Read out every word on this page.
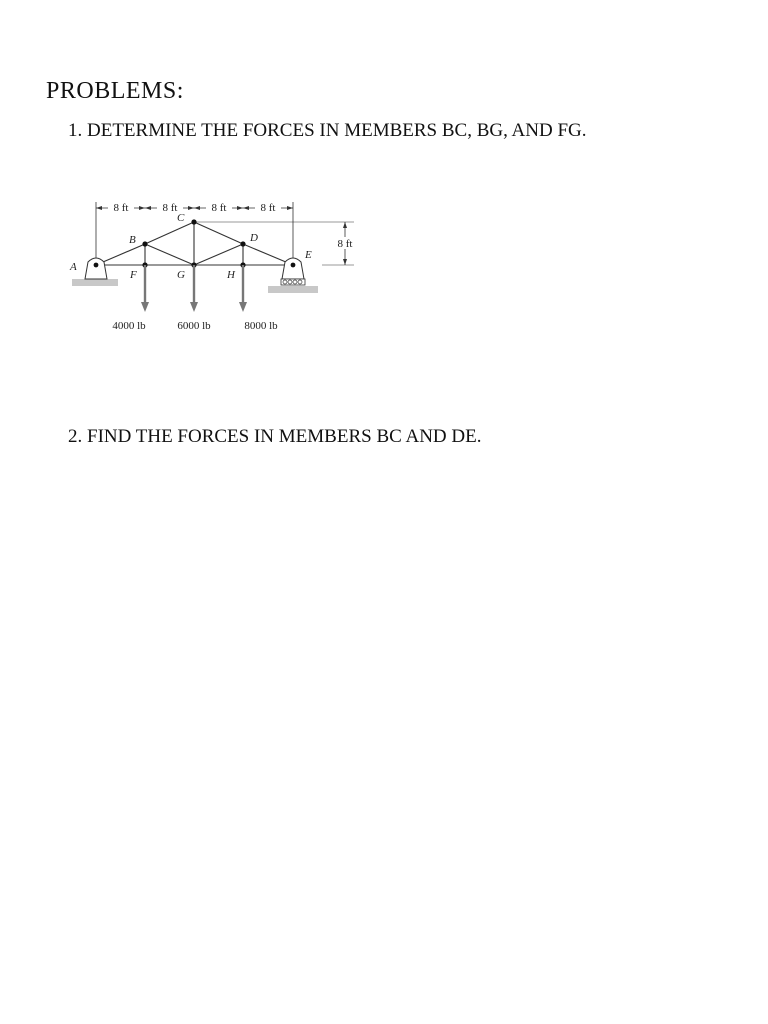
PROBLEMS:

1. DETERMINE THE FORCES IN MEMBERS BC, BG, AND FG.

8 ft	8 ft	8 ft	8 ft
8 ft
A
B
C
D
E
F	G	H
4000 lb	6000 lb	8000 lb

2. FIND THE FORCES IN MEMBERS BC AND DE.
